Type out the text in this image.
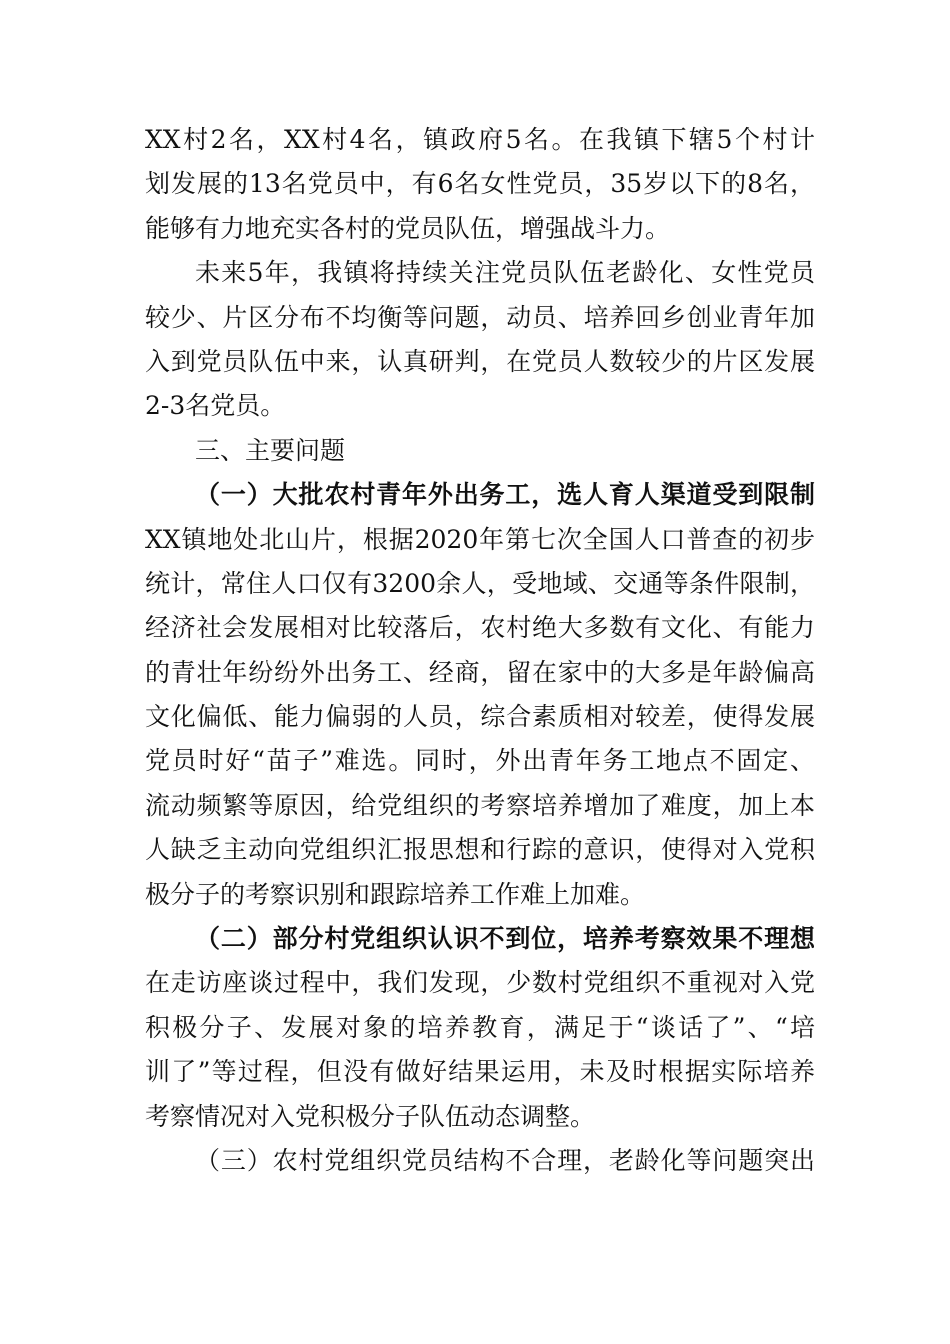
XX村2名，XX村4名，镇政府5名。在我镇下辖5个村计
划发展的13名党员中，有6名女性党员，35岁以下的8名，
能够有力地充实各村的党员队伍，增强战斗力。
未来5年，我镇将持续关注党员队伍老龄化、女性党员
较少、片区分布不均衡等问题，动员、培养回乡创业青年加
入到党员队伍中来，认真研判，在党员人数较少的片区发展
2-3名党员。
三、主要问题
（一）大批农村青年外出务工，选人育人渠道受到限制
XX镇地处北山片，根据2020年第七次全国人口普查的初步
统计，常住人口仅有3200余人，受地域、交通等条件限制，
经济社会发展相对比较落后，农村绝大多数有文化、有能力
的青壮年纷纷外出务工、经商，留在家中的大多是年龄偏高
文化偏低、能力偏弱的人员，综合素质相对较差，使得发展
党员时好“苗子”难选。同时，外出青年务工地点不固定、
流动频繁等原因，给党组织的考察培养增加了难度，加上本
人缺乏主动向党组织汇报思想和行踪的意识，使得对入党积
极分子的考察识别和跟踪培养工作难上加难。
（二）部分村党组织认识不到位，培养考察效果不理想
在走访座谈过程中，我们发现，少数村党组织不重视对入党
积极分子、发展对象的培养教育，满足于“谈话了”、“培
训了”等过程，但没有做好结果运用，未及时根据实际培养
考察情况对入党积极分子队伍动态调整。
（三）农村党组织党员结构不合理，老龄化等问题突出
